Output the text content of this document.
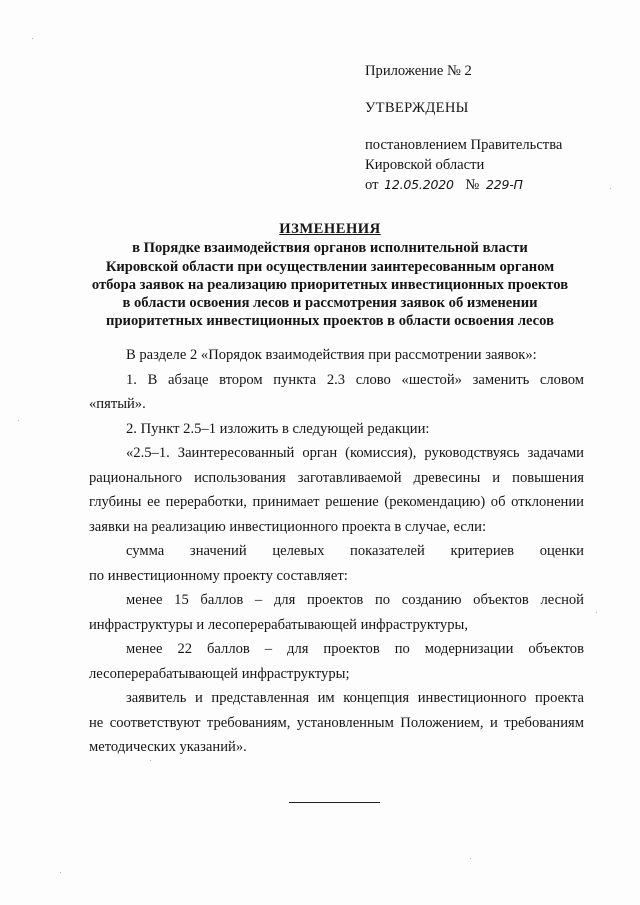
Приложение № 2

УТВЕРЖДЕНЫ

постановлением Правительства

Кировской области

от 12.05.2020 № 229-П

ИЗМЕНЕНИЯ
в Порядке взаимодействия органов исполнительной власти
Кировской области при осуществлении заинтересованным органом
отбора заявок на реализацию приоритетных инвестиционных проектов
в области освоения лесов и рассмотрения заявок об изменении
приоритетных инвестиционных проектов в области освоения лесов

В разделе 2 «Порядок взаимодействия при рассмотрении заявок»:

1. В абзаце втором пункта 2.3 слово «шестой» заменить словом

«пятый».

2. Пункт 2.5–1 изложить в следующей редакции:

«2.5–1. Заинтересованный орган (комиссия), руководствуясь задачами

рационального использования заготавливаемой древесины и повышения

глубины ее переработки, принимает решение (рекомендацию) об отклонении

заявки на реализацию инвестиционного проекта в случае, если:

сумма значений целевых показателей критериев оценки

по инвестиционному проекту составляет:

менее 15 баллов – для проектов по созданию объектов лесной

инфраструктуры и лесоперерабатывающей инфраструктуры,

менее 22 баллов – для проектов по модернизации объектов

лесоперерабатывающей инфраструктуры;

заявитель и представленная им концепция инвестиционного проекта

не соответствуют требованиям, установленным Положением, и требованиям

методических указаний».
